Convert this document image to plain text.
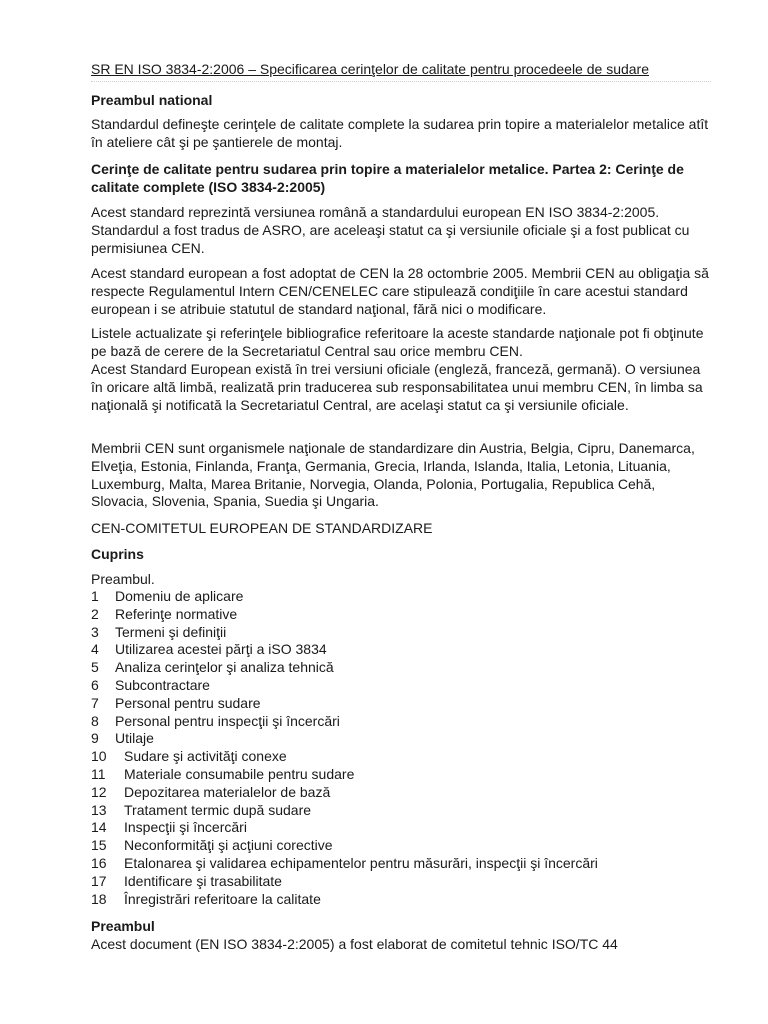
SR EN ISO 3834-2:2006 – Specificarea cerinţelor de calitate pentru procedeele de sudare
Preambul national

Standardul defineşte cerinţele de calitate complete la sudarea prin topire a materialelor metalice atît în ateliere cât şi pe şantierele de montaj.

Cerinţe de calitate pentru sudarea prin topire a materialelor metalice. Partea 2: Cerinţe de calitate complete (ISO 3834-2:2005)

Acest standard reprezintă versiunea română a standardului european EN ISO 3834-2:2005. Standardul a fost tradus de ASRO, are aceleaşi statut ca şi versiunile oficiale şi a fost publicat cu permisiunea CEN.

Acest standard european a fost adoptat de CEN la 28 octombrie 2005. Membrii CEN au obligaţia să respecte Regulamentul Intern CEN/CENELEC care stipulează condiţiile în care acestui standard european i se atribuie statutul de standard naţional, fără nici o modificare.

Listele actualizate şi referinţele bibliografice referitoare la aceste standarde naţionale pot fi obţinute pe bază de cerere de la Secretariatul Central sau orice membru CEN.

Acest Standard European există în trei versiuni oficiale (engleză, franceză, germană). O versiunea în oricare altă limbă, realizată prin traducerea sub responsabilitatea unui membru CEN, în limba sa naţională şi notificată la Secretariatul Central, are acelaşi statut ca şi versiunile oficiale.

Membrii CEN sunt organismele naţionale de standardizare din Austria, Belgia, Cipru, Danemarca, Elveţia, Estonia, Finlanda, Franţa, Germania, Grecia, Irlanda, Islanda, Italia, Letonia, Lituania, Luxemburg, Malta, Marea Britanie, Norvegia, Olanda, Polonia, Portugalia, Republica Cehă, Slovacia, Slovenia, Spania, Suedia şi Ungaria.

CEN-COMITETUL EUROPEAN DE STANDARDIZARE
Cuprins
Preambul.
1	Domeniu de aplicare
2	Referinţe normative
3	Termeni şi definiţii
4	Utilizarea acestei părţi a iSO 3834
5	Analiza cerinţelor şi analiza tehnică
6	Subcontractare
7	Personal pentru sudare
8	Personal pentru inspecţii şi încercări
9	Utilaje
10	Sudare şi activităţi conexe
11	Materiale consumabile pentru sudare
12	Depozitarea materialelor de bază
13	Tratament termic după sudare
14	Inspecţii şi încercări
15	Neconformităţi şi acţiuni corective
16	Etalonarea şi validarea echipamentelor pentru măsurări, inspecţii şi încercări
17	Identificare şi trasabilitate
18	Înregistrări referitoare la calitate
Preambul
Acest document (EN ISO 3834-2:2005) a fost elaborat de comitetul tehnic ISO/TC 44
